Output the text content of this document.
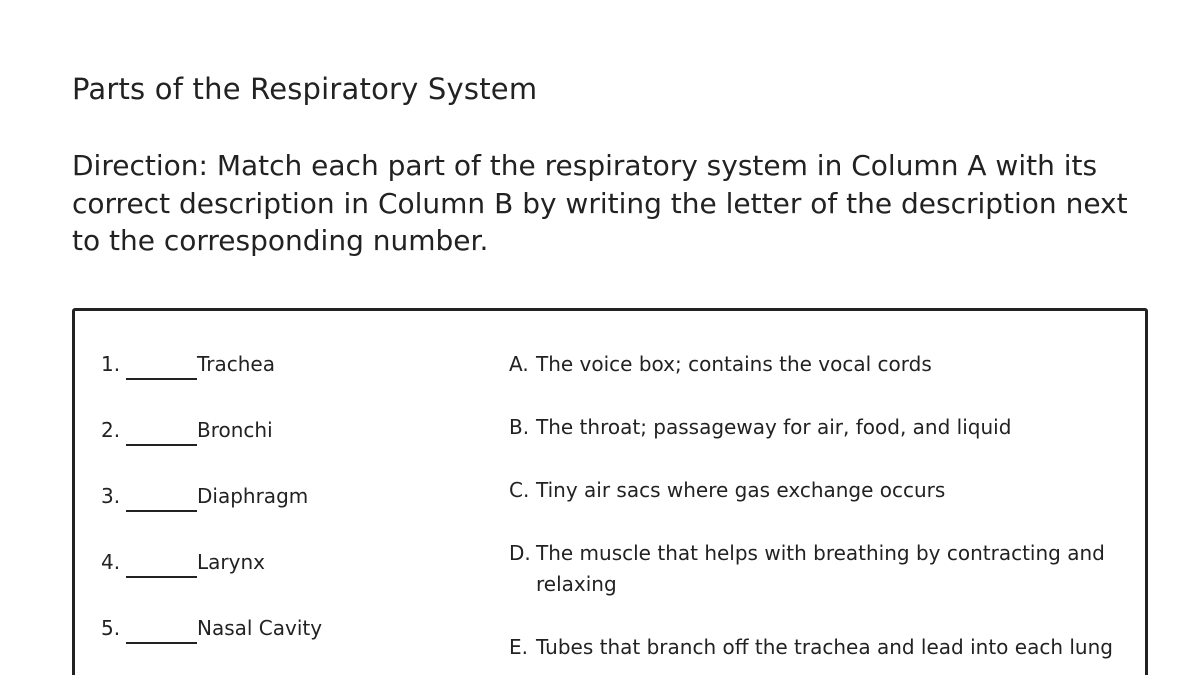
Parts of the Respiratory System
Direction: Match each part of the respiratory system in Column A with its correct description in Column B by writing the letter of the description next to the corresponding number.
1.	Trachea
2.	Bronchi
3.	Diaphragm
4.	Larynx
5.	Nasal Cavity
A. The voice box; contains the vocal cords
B. The throat; passageway for air, food, and liquid
C. Tiny air sacs where gas exchange occurs
D. The muscle that helps with breathing by contracting and relaxing
E. Tubes that branch off the trachea and lead into each lung
